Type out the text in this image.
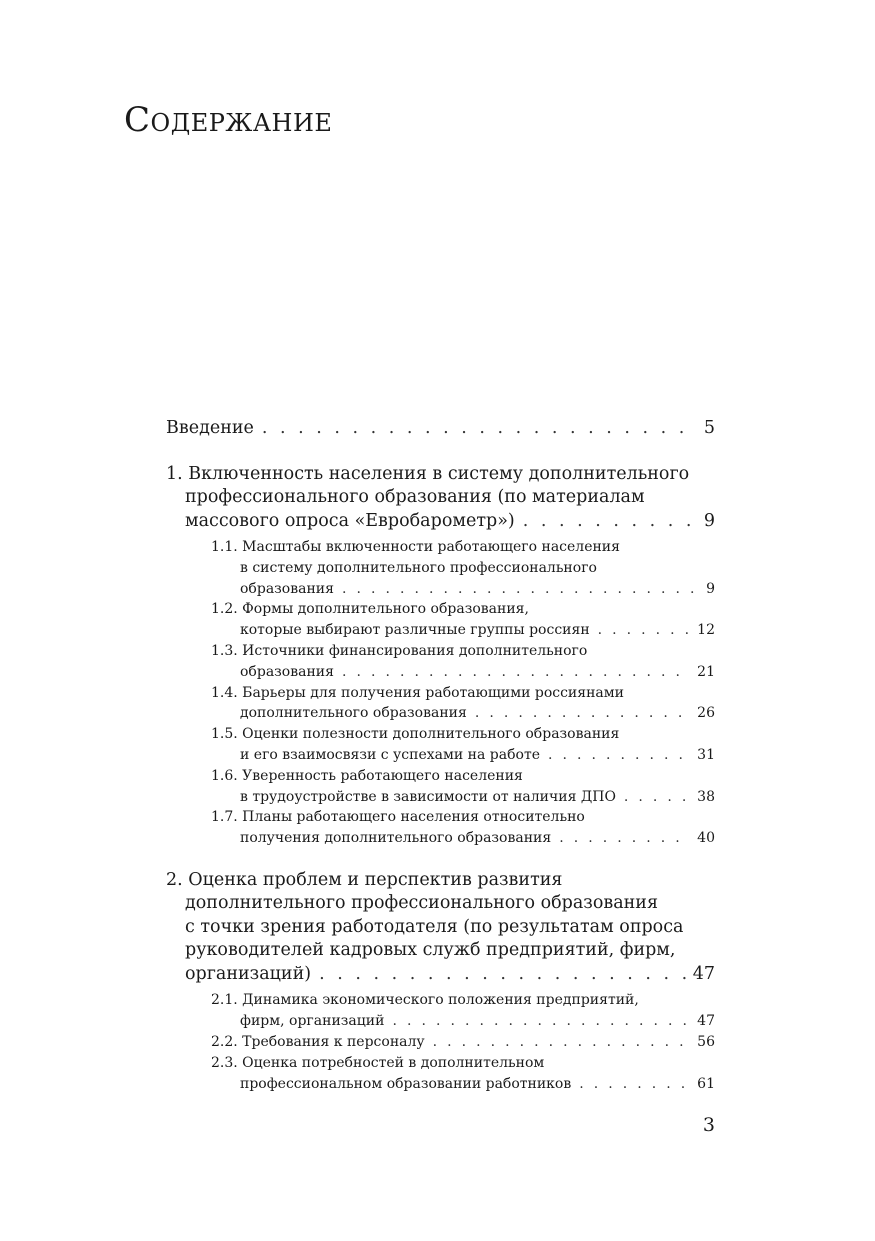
Содержание
Введение . . .	5
1. Включенность населения в систему дополнительного
профессионального образования (по материалам
массового опроса «Евробарометр») . . .	9
1.1. Масштабы включенности работающего населения
в систему дополнительного профессионального
образования . . .	9
1.2. Формы дополнительного образования,
которые выбирают различные группы россиян . . .	12
1.3. Источники финансирования дополнительного
образования . . .	21
1.4. Барьеры для получения работающими россиянами
дополнительного образования . . .	26
1.5. Оценки полезности дополнительного образования
и его взаимосвязи с успехами на работе . . .	31
1.6. Уверенность работающего населения
в трудоустройстве в зависимости от наличия ДПО . . .	38
1.7. Планы работающего населения относительно
получения дополнительного образования . . .	40
2. Оценка проблем и перспектив развития
дополнительного профессионального образования
с точки зрения работодателя (по результатам опроса
руководителей кадровых служб предприятий, фирм,
организаций) . . .	47
2.1. Динамика экономического положения предприятий,
фирм, организаций . . .	47
2.2. Требования к персоналу . . .	56
2.3. Оценка потребностей в дополнительном
профессиональном образовании работников . . .	61
3
